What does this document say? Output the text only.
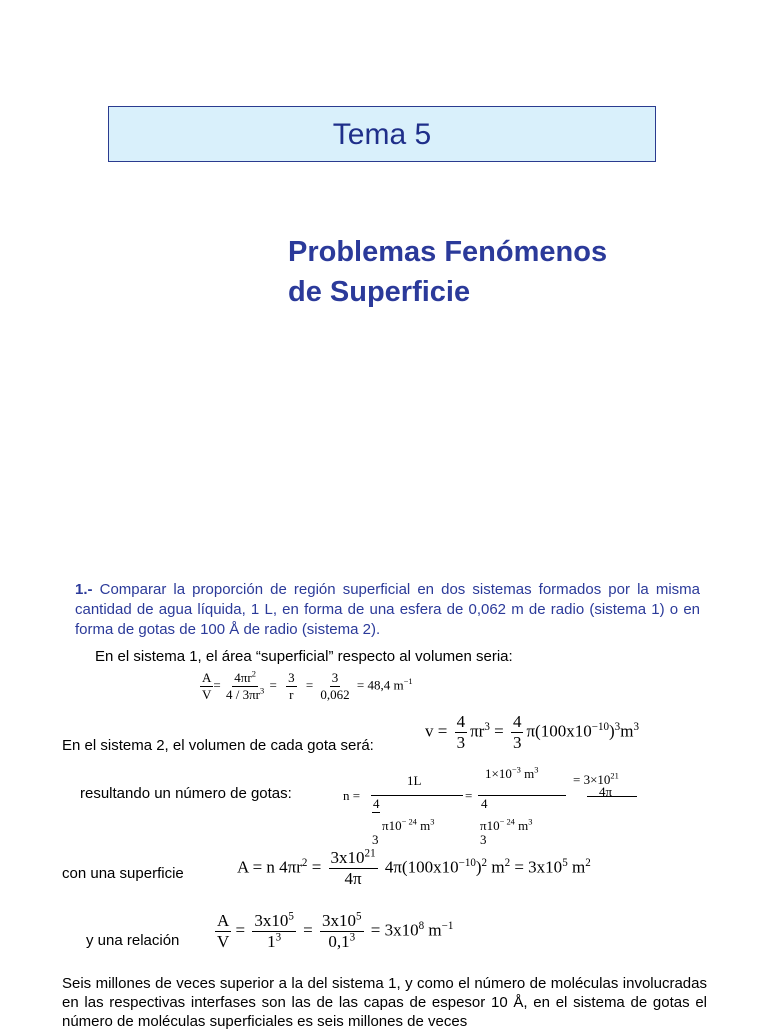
Tema 5
Problemas Fenómenos
de Superficie
1.- Comparar la proporción de región superficial en dos sistemas formados por la misma cantidad de agua líquida, 1 L, en forma de una esfera de 0,062 m de radio (sistema 1) o en forma de gotas de 100 Å de radio (sistema 2).
En el sistema 1, el área “superficial” respecto al volumen seria:
$\frac{A}{V} = \frac{4\pi r^2}{4 / 3\pi r^3} = \frac{3}{r} = \frac{3}{0,062} = 48,4$ $m^{-1}$
En el sistema 2, el volumen de cada gota será:
$v = \frac{4}{3} \pi r^3 = \frac{4}{3} \pi(100x10^{-10})^3m^3$
resultando un número de gotas:	n =
1L
4
=
$1\times 10^{-3}$ $m^3$
4
= $3\times 10^{21}$
4π
$\pi 10^{- 24}$ $m^3$
3
$\pi 10^{- 24}$ $m^3$
3
con una superficie	A = n $4\pi r^2 = \frac{3x10^{21}}{4\pi} 4\pi(100x10^{-10})^2$ $m^2 = 3x10^5$ $m^2$
y una relación $\frac{A}{V} = \frac{3x10^5}{1^3} = \frac{3x10^5}{0,1^3} = 3x10^8$ $m^{-1}$
Seis millones de veces superior a la del sistema 1, y como el número de moléculas involucradas en las respectivas interfases son las de las capas de espesor 10 Å, en el sistema de gotas el número de moléculas superficiales es seis millones de veces
